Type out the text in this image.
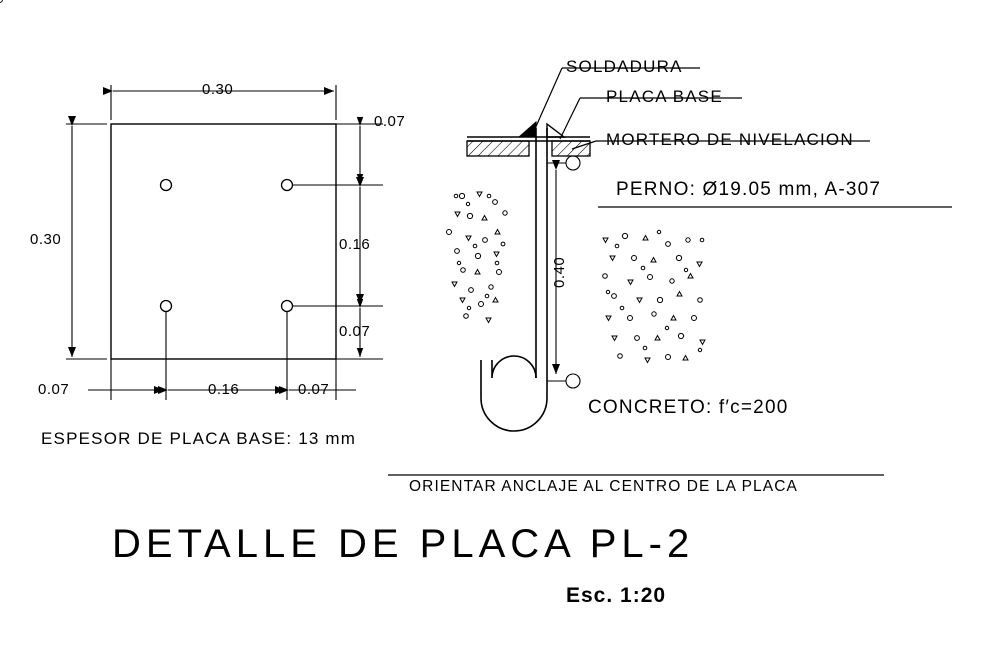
0.30
0.30
0.07
0.16
0.07
0.07	0.16	0.07
ESPESOR DE PLACA BASE: 13 mm
SOLDADURA
PLACA BASE
MORTERO DE NIVELACION
PERNO: Ø19.05 mm, A-307
CONCRETO: f′c=200
0.40
ORIENTAR ANCLAJE AL CENTRO DE LA PLACA
DETALLE DE PLACA PL-2
Esc. 1:20
